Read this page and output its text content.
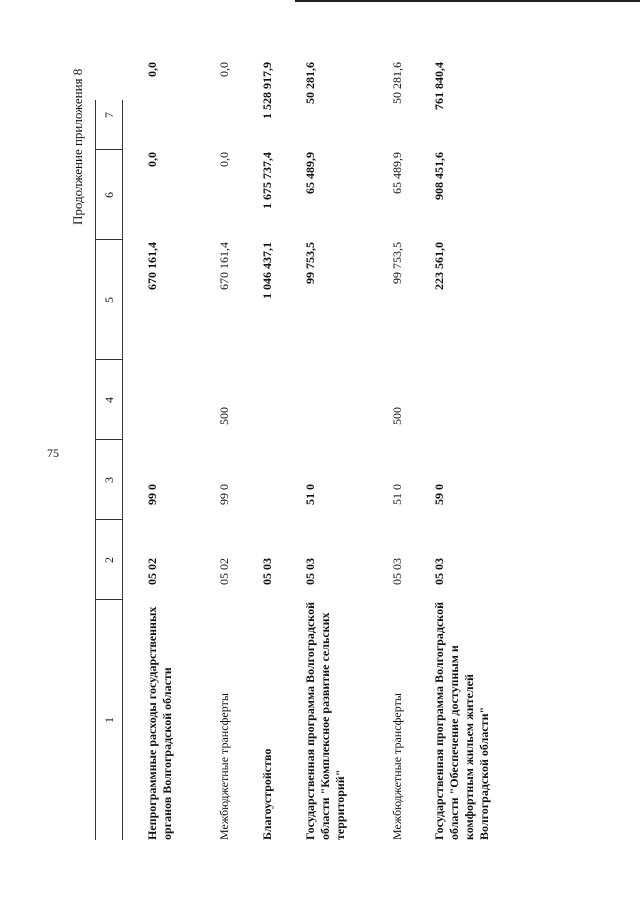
75
Продолжение приложения 8
1
2
3
4
5
6
7
Непрограммные расходы государственных органов Волгоградской области
05 02
99 0
670 161,4
0,0
0,0
Межбюджетные трансферты
05 02
99 0
500
670 161,4
0,0
0,0
Благоустройство
05 03
1 046 437,1
1 675 737,4
1 528 917,9
Государственная программа Волгоградской области "Комплексное развитие сельских территорий"
05 03
51 0
99 753,5
65 489,9
50 281,6
Межбюджетные трансферты
05 03
51 0
500
99 753,5
65 489,9
50 281,6
Государственная программа Волгоградской области "Обеспечение доступным и комфортным жильем жителей Волгоградской области"
05 03
59 0
223 561,0
908 451,6
761 840,4
